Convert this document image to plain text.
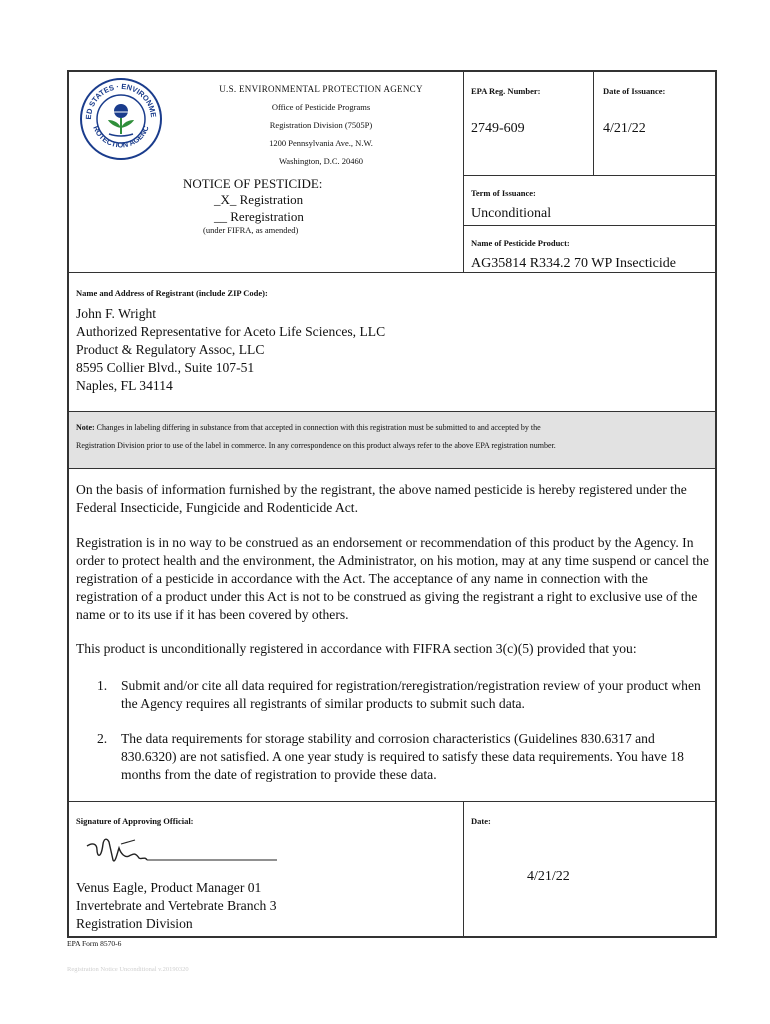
ED STATES · ENVIRONME
ROTECTION AGENC
U.S. ENVIRONMENTAL PROTECTION AGENCY
Office of Pesticide Programs
Registration Division (7505P)
1200 Pennsylvania Ave., N.W.
Washington, D.C. 20460
NOTICE OF PESTICIDE:
_X_ Registration
__ Reregistration
(under FIFRA, as amended)
EPA Reg. Number:
2749-609
Date of Issuance:
4/21/22
Term of Issuance:
Unconditional
Name of Pesticide Product:
AG35814 R334.2 70 WP Insecticide
Name and Address of Registrant (include ZIP Code):
John F. Wright
Authorized Representative for Aceto Life Sciences, LLC
Product & Regulatory Assoc, LLC
8595 Collier Blvd., Suite 107-51
Naples, FL 34114
Note: Changes in labeling differing in substance from that accepted in connection with this registration must be submitted to and accepted by the
Registration Division prior to use of the label in commerce. In any correspondence on this product always refer to the above EPA registration number.
On the basis of information furnished by the registrant, the above named pesticide is hereby registered under the Federal Insecticide, Fungicide and Rodenticide Act.
Registration is in no way to be construed as an endorsement or recommendation of this product by the Agency. In order to protect health and the environment, the Administrator, on his motion, may at any time suspend or cancel the registration of a pesticide in accordance with the Act. The acceptance of any name in connection with the registration of a product under this Act is not to be construed as giving the registrant a right to exclusive use of the name or to its use if it has been covered by others.
This product is unconditionally registered in accordance with FIFRA section 3(c)(5) provided that you:
1. Submit and/or cite all data required for registration/reregistration/registration review of your product when the Agency requires all registrants of similar products to submit such data.
2. The data requirements for storage stability and corrosion characteristics (Guidelines 830.6317 and 830.6320) are not satisfied. A one year study is required to satisfy these data requirements. You have 18 months from the date of registration to provide these data.
Signature of Approving Official:
Venus Eagle, Product Manager 01
Invertebrate and Vertebrate Branch 3
Registration Division
Date:
4/21/22
EPA Form 8570-6
Registration Notice Unconditional v.20190320
